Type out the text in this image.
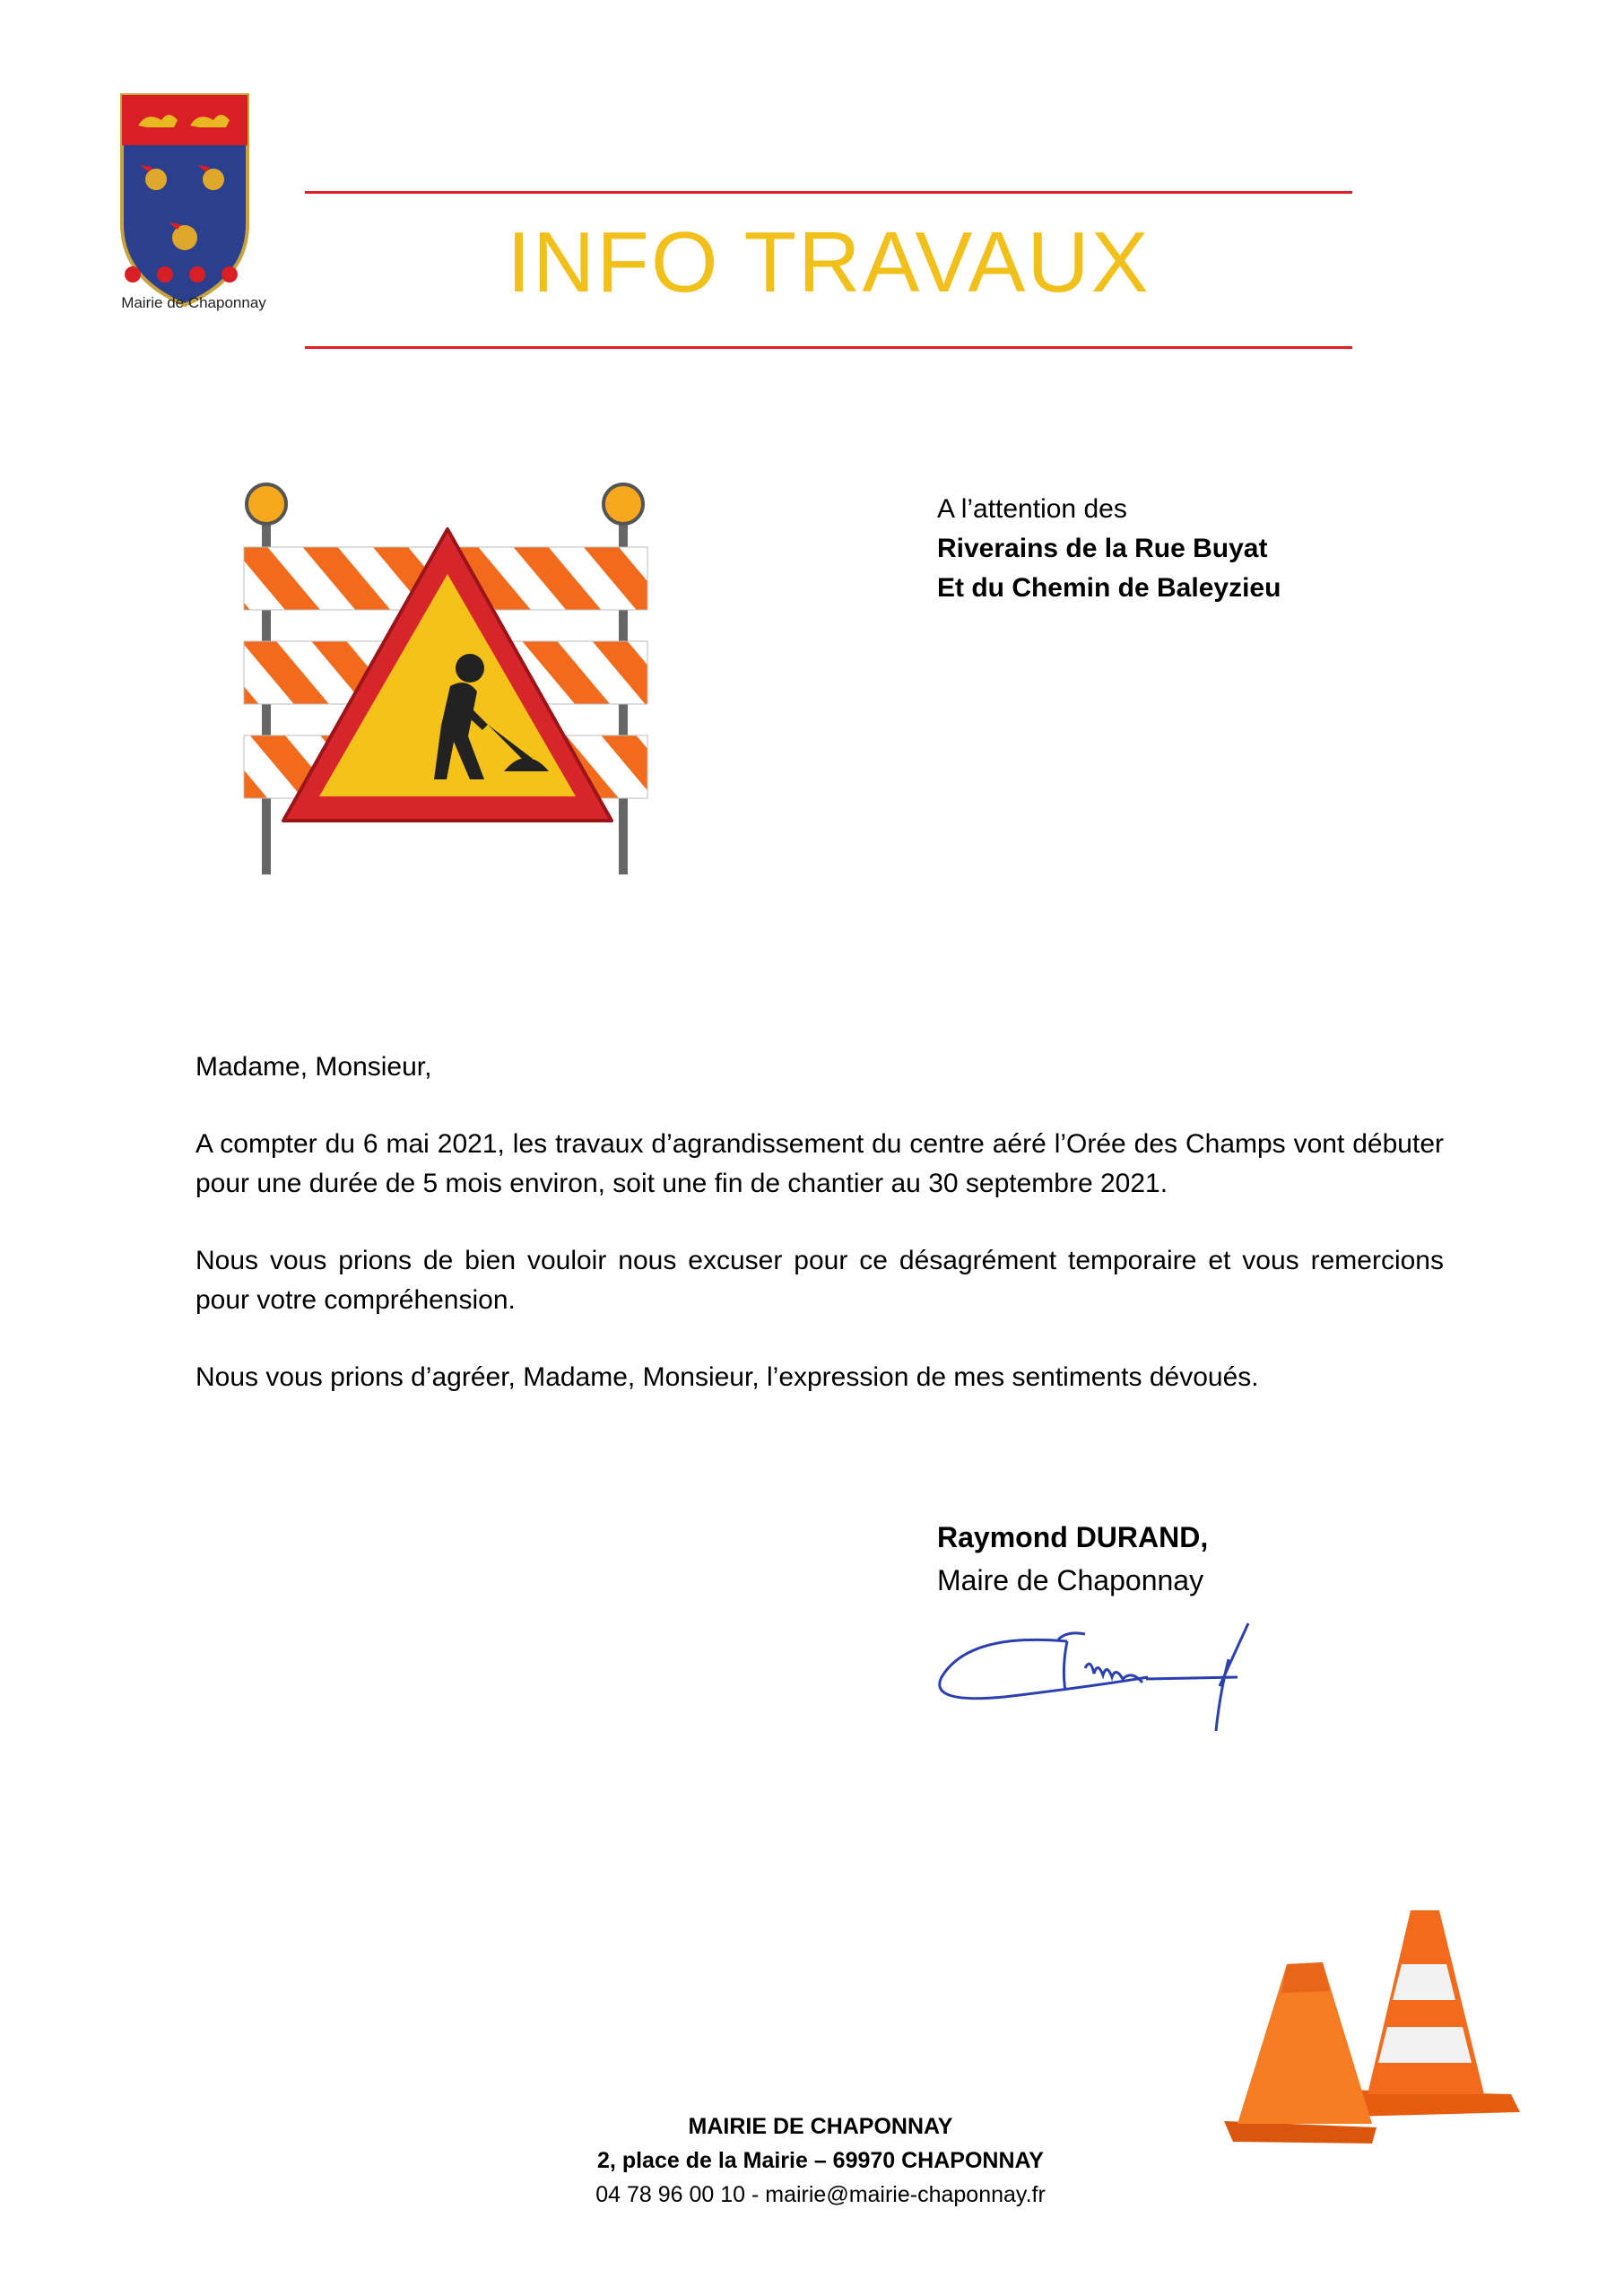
Mairie de Chaponnay	INFO TRAVAUX
A l’attention des
Riverains de la Rue Buyat
Et du Chemin de Baleyzieu

Madame, Monsieur,

A compter du 6 mai 2021, les travaux d’agrandissement du centre aéré l’Orée des Champs vont débuter pour une durée de 5 mois environ, soit une fin de chantier au 30 septembre 2021.

Nous vous prions de bien vouloir nous excuser pour ce désagrément temporaire et vous remercions pour votre compréhension.

Nous vous prions d’agréer, Madame, Monsieur, l’expression de mes sentiments dévoués.

Raymond DURAND,
Maire de Chaponnay
MAIRIE DE CHAPONNAY
2, place de la Mairie – 69970 CHAPONNAY
04 78 96 00 10 - mairie@mairie-chaponnay.fr
